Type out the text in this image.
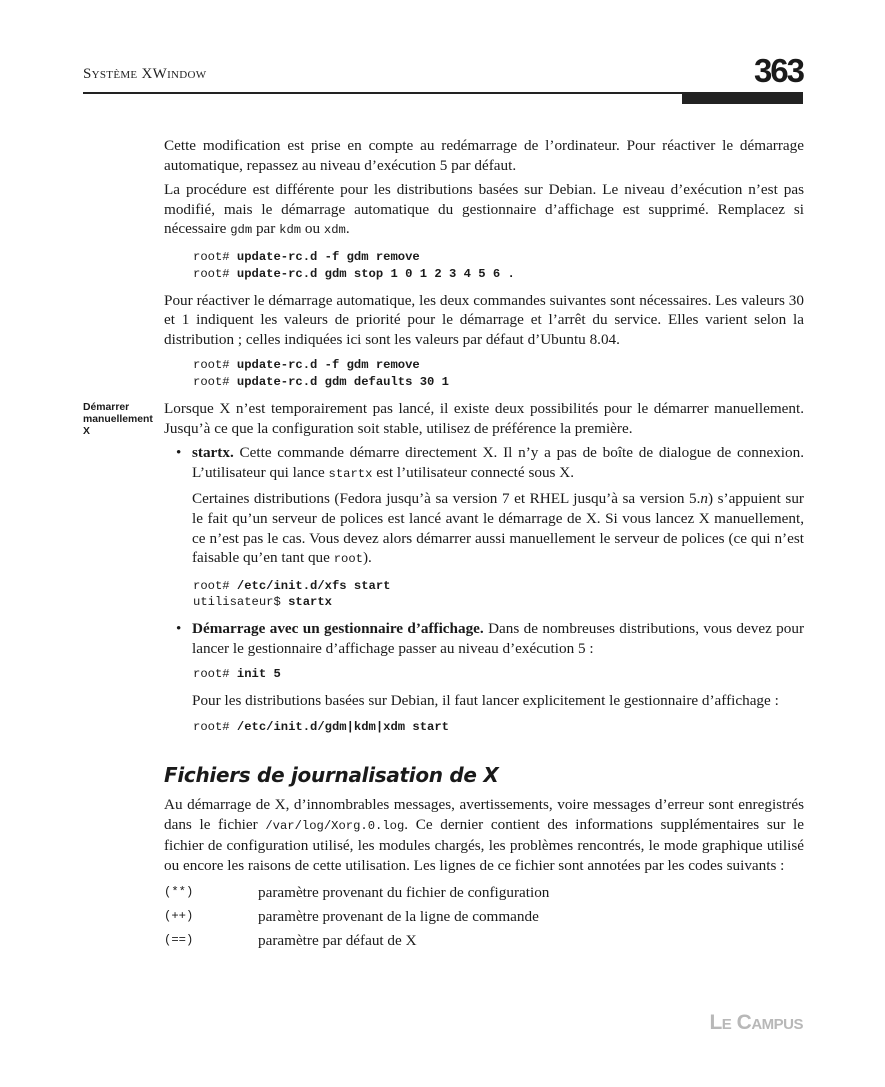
Système XWindow	363
Démarrer
manuellement
X

Cette modification est prise en compte au redémarrage de l’ordinateur. Pour réactiver le démarrage automatique, repassez au niveau d’exécution 5 par défaut.

La procédure est différente pour les distributions basées sur Debian. Le niveau d’exécution n’est pas modifié, mais le démarrage automatique du gestionnaire d’affichage est supprimé. Remplacez si nécessaire gdm par kdm ou xdm.

root# update-rc.d -f gdm remove
root# update-rc.d gdm stop 1 0 1 2 3 4 5 6 .

Pour réactiver le démarrage automatique, les deux commandes suivantes sont nécessaires. Les valeurs 30 et 1 indiquent les valeurs de priorité pour le démarrage et l’arrêt du service. Elles varient selon la distribution ; celles indiquées ici sont les valeurs par défaut d’Ubuntu 8.04.

root# update-rc.d -f gdm remove
root# update-rc.d gdm defaults 30 1

Lorsque X n’est temporairement pas lancé, il existe deux possibilités pour le démarrer manuellement. Jusqu’à ce que la configuration soit stable, utilisez de préférence la première.

• startx. Cette commande démarre directement X. Il n’y a pas de boîte de dialogue de connexion. L’utilisateur qui lance startx est l’utilisateur connecté sous X.

Certaines distributions (Fedora jusqu’à sa version 7 et RHEL jusqu’à sa version 5.n) s’appuient sur le fait qu’un serveur de polices est lancé avant le démarrage de X. Si vous lancez X manuellement, ce n’est pas le cas. Vous devez alors démarrer aussi manuellement le serveur de polices (ce qui n’est faisable qu’en tant que root).

root# /etc/init.d/xfs start
utilisateur$ startx
• Démarrage avec un gestionnaire d’affichage. Dans de nombreuses distributions, vous devez pour lancer le gestionnaire d’affichage passer au niveau d’exécution 5 :

root# init 5

Pour les distributions basées sur Debian, il faut lancer explicitement le gestionnaire d’affichage :

root# /etc/init.d/gdm|kdm|xdm start
Fichiers de journalisation de X

Au démarrage de X, d’innombrables messages, avertissements, voire messages d’erreur sont enregistrés dans le fichier /var/log/Xorg.0.log. Ce dernier contient des informations supplémentaires sur le fichier de configuration utilisé, les modules chargés, les problèmes rencontrés, le mode graphique utilisé ou encore les raisons de cette utilisation. Les lignes de ce fichier sont annotées par les codes suivants :

(**)	paramètre provenant du fichier de configuration
(++)	paramètre provenant de la ligne de commande
(==)	paramètre par défaut de X
Le Campus
